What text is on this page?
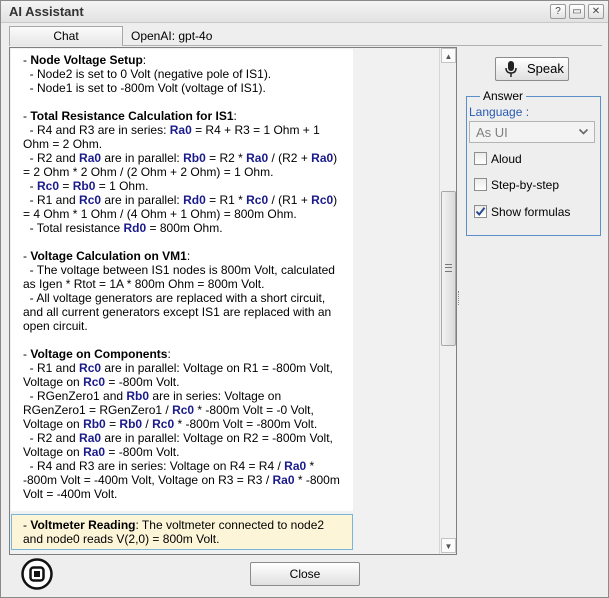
AI Assistant	?	▭	✕
Chat	OpenAI: gpt-4o

- Node Voltage Setup:

- Node2 is set to 0 Volt (negative pole of IS1).

- Node1 is set to -800m Volt (voltage of IS1).

- Total Resistance Calculation for IS1:

- R4 and R3 are in series: Ra0 = R4 + R3 = 1 Ohm + 1 Ohm = 2 Ohm.

- R2 and Ra0 are in parallel: Rb0 = R2 * Ra0 / (R2 + Ra0) = 2 Ohm * 2 Ohm / (2 Ohm + 2 Ohm) = 1 Ohm.

- Rc0 = Rb0 = 1 Ohm.

- R1 and Rc0 are in parallel: Rd0 = R1 * Rc0 / (R1 + Rc0) = 4 Ohm * 1 Ohm / (4 Ohm + 1 Ohm) = 800m Ohm.

- Total resistance Rd0 = 800m Ohm.

- Voltage Calculation on VM1:

- The voltage between IS1 nodes is 800m Volt, calculated as Igen * Rtot = 1A * 800m Ohm = 800m Volt.

- All voltage generators are replaced with a short circuit, and all current generators except IS1 are replaced with an open circuit.

- Voltage on Components:

- R1 and Rc0 are in parallel: Voltage on R1 = -800m Volt, Voltage on Rc0 = -800m Volt.

- RGenZero1 and Rb0 are in series: Voltage on RGenZero1 = RGenZero1 / Rc0 * -800m Volt = -0 Volt, Voltage on Rb0 = Rb0 / Rc0 * -800m Volt = -800m Volt.

- R2 and Ra0 are in parallel: Voltage on R2 = -800m Volt, Voltage on Ra0 = -800m Volt.

- R4 and R3 are in series: Voltage on R4 = R4 / Ra0 * -800m Volt = -400m Volt, Voltage on R3 = R3 / Ra0 * -800m Volt = -400m Volt.

- Voltmeter Reading: The voltmeter connected to node2 and node0 reads V(2,0) = 800m Volt.
▲
▼
Speak
Answer
Language :
As UI
Aloud
Step-by-step
Show formulas
Close
